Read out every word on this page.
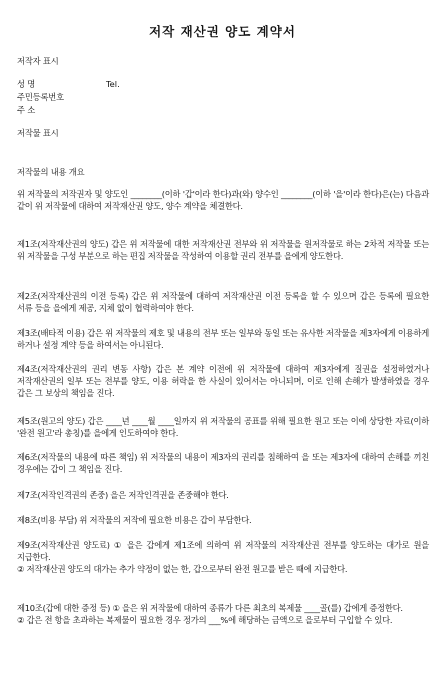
저작 재산권 양도 계약서
저작자 표시
성 명	Tel.
주민등록번호
주 소
저작물 표시
저작물의 내용 개요
위 저작물의 저작권자 및 양도인 ________(이하 '갑'이라 한다)과(와) 양수인 ________(이하 '을'이라 한다)은(는) 다음과 같이 위 저작물에 대하여 저작재산권 양도, 양수 계약을 체결한다.
제1조(저작재산권의 양도) 갑은 위 저작물에 대한 저작재산권 전부와 위 저작물을 원저작물로 하는 2차적 저작물 또는 위 저작물을 구성 부분으로 하는 편집 저작물을 작성하여 이용할 권리 전부를 을에게 양도한다.
제2조(저작재산권의 이전 등록) 갑은 위 저작물에 대하여 저작재산권 이전 등록을 할 수 있으며 갑은 등록에 필요한 서류 등을 을에게 제공, 지체 없이 협력하여야 한다.
제3조(배타적 이용) 갑은 위 저작물의 제호 및 내용의 전부 또는 일부와 동일 또는 유사한 저작물을 제3자에게 이용하게 하거나 설정 계약 등을 하여서는 아니된다.
제4조(저작재산권의 권리 변동 사항) 갑은 본 계약 이전에 위 저작물에 대하여 제3자에게 질권을 설정하였거나 저작재산권의 일부 또는 전부를 양도, 이용 허락을 한 사실이 있어서는 아니되며, 이로 인해 손해가 발생하였을 경우 갑은 그 보상의 책임을 진다.
제5조(원고의 양도) 갑은 ____년 ____월 ____일까지 위 저작물의 공표를 위해 필요한 원고 또는 이에 상당한 자료(이하 '완전 원고'라 총칭)를 을에게 인도하여야 한다.
제6조(저작물의 내용에 따른 책임) 위 저작물의 내용이 제3자의 권리를 침해하여 을 또는 제3자에 대하여 손해를 끼친 경우에는 갑이 그 책임을 진다.
제7조(저작인격권의 존중) 을은 저작인격권을 존중해야 한다.
제8조(비용 부담) 위 저작물의 저작에 필요한 비용은 갑이 부담한다.
제9조(저작재산권 양도료) ① 을은 갑에게 제1조에 의하여 위 저작물의 저작재산권 전부를 양도하는 대가로 원을 지급한다.
② 저작재산권 양도의 대가는 추가 약정이 없는 한, 갑으로부터 완전 원고를 받은 때에 지급한다.
제10조(갑에 대한 증정 등) ① 을은 위 저작물에 대하여 종류가 다른 최초의 복제물 ____골(를) 갑에게 증정한다.
② 갑은 전 항을 초과하는 복제물이 필요한 경우 정가의 ___%에 해당하는 금액으로 을로부터 구입할 수 있다.
